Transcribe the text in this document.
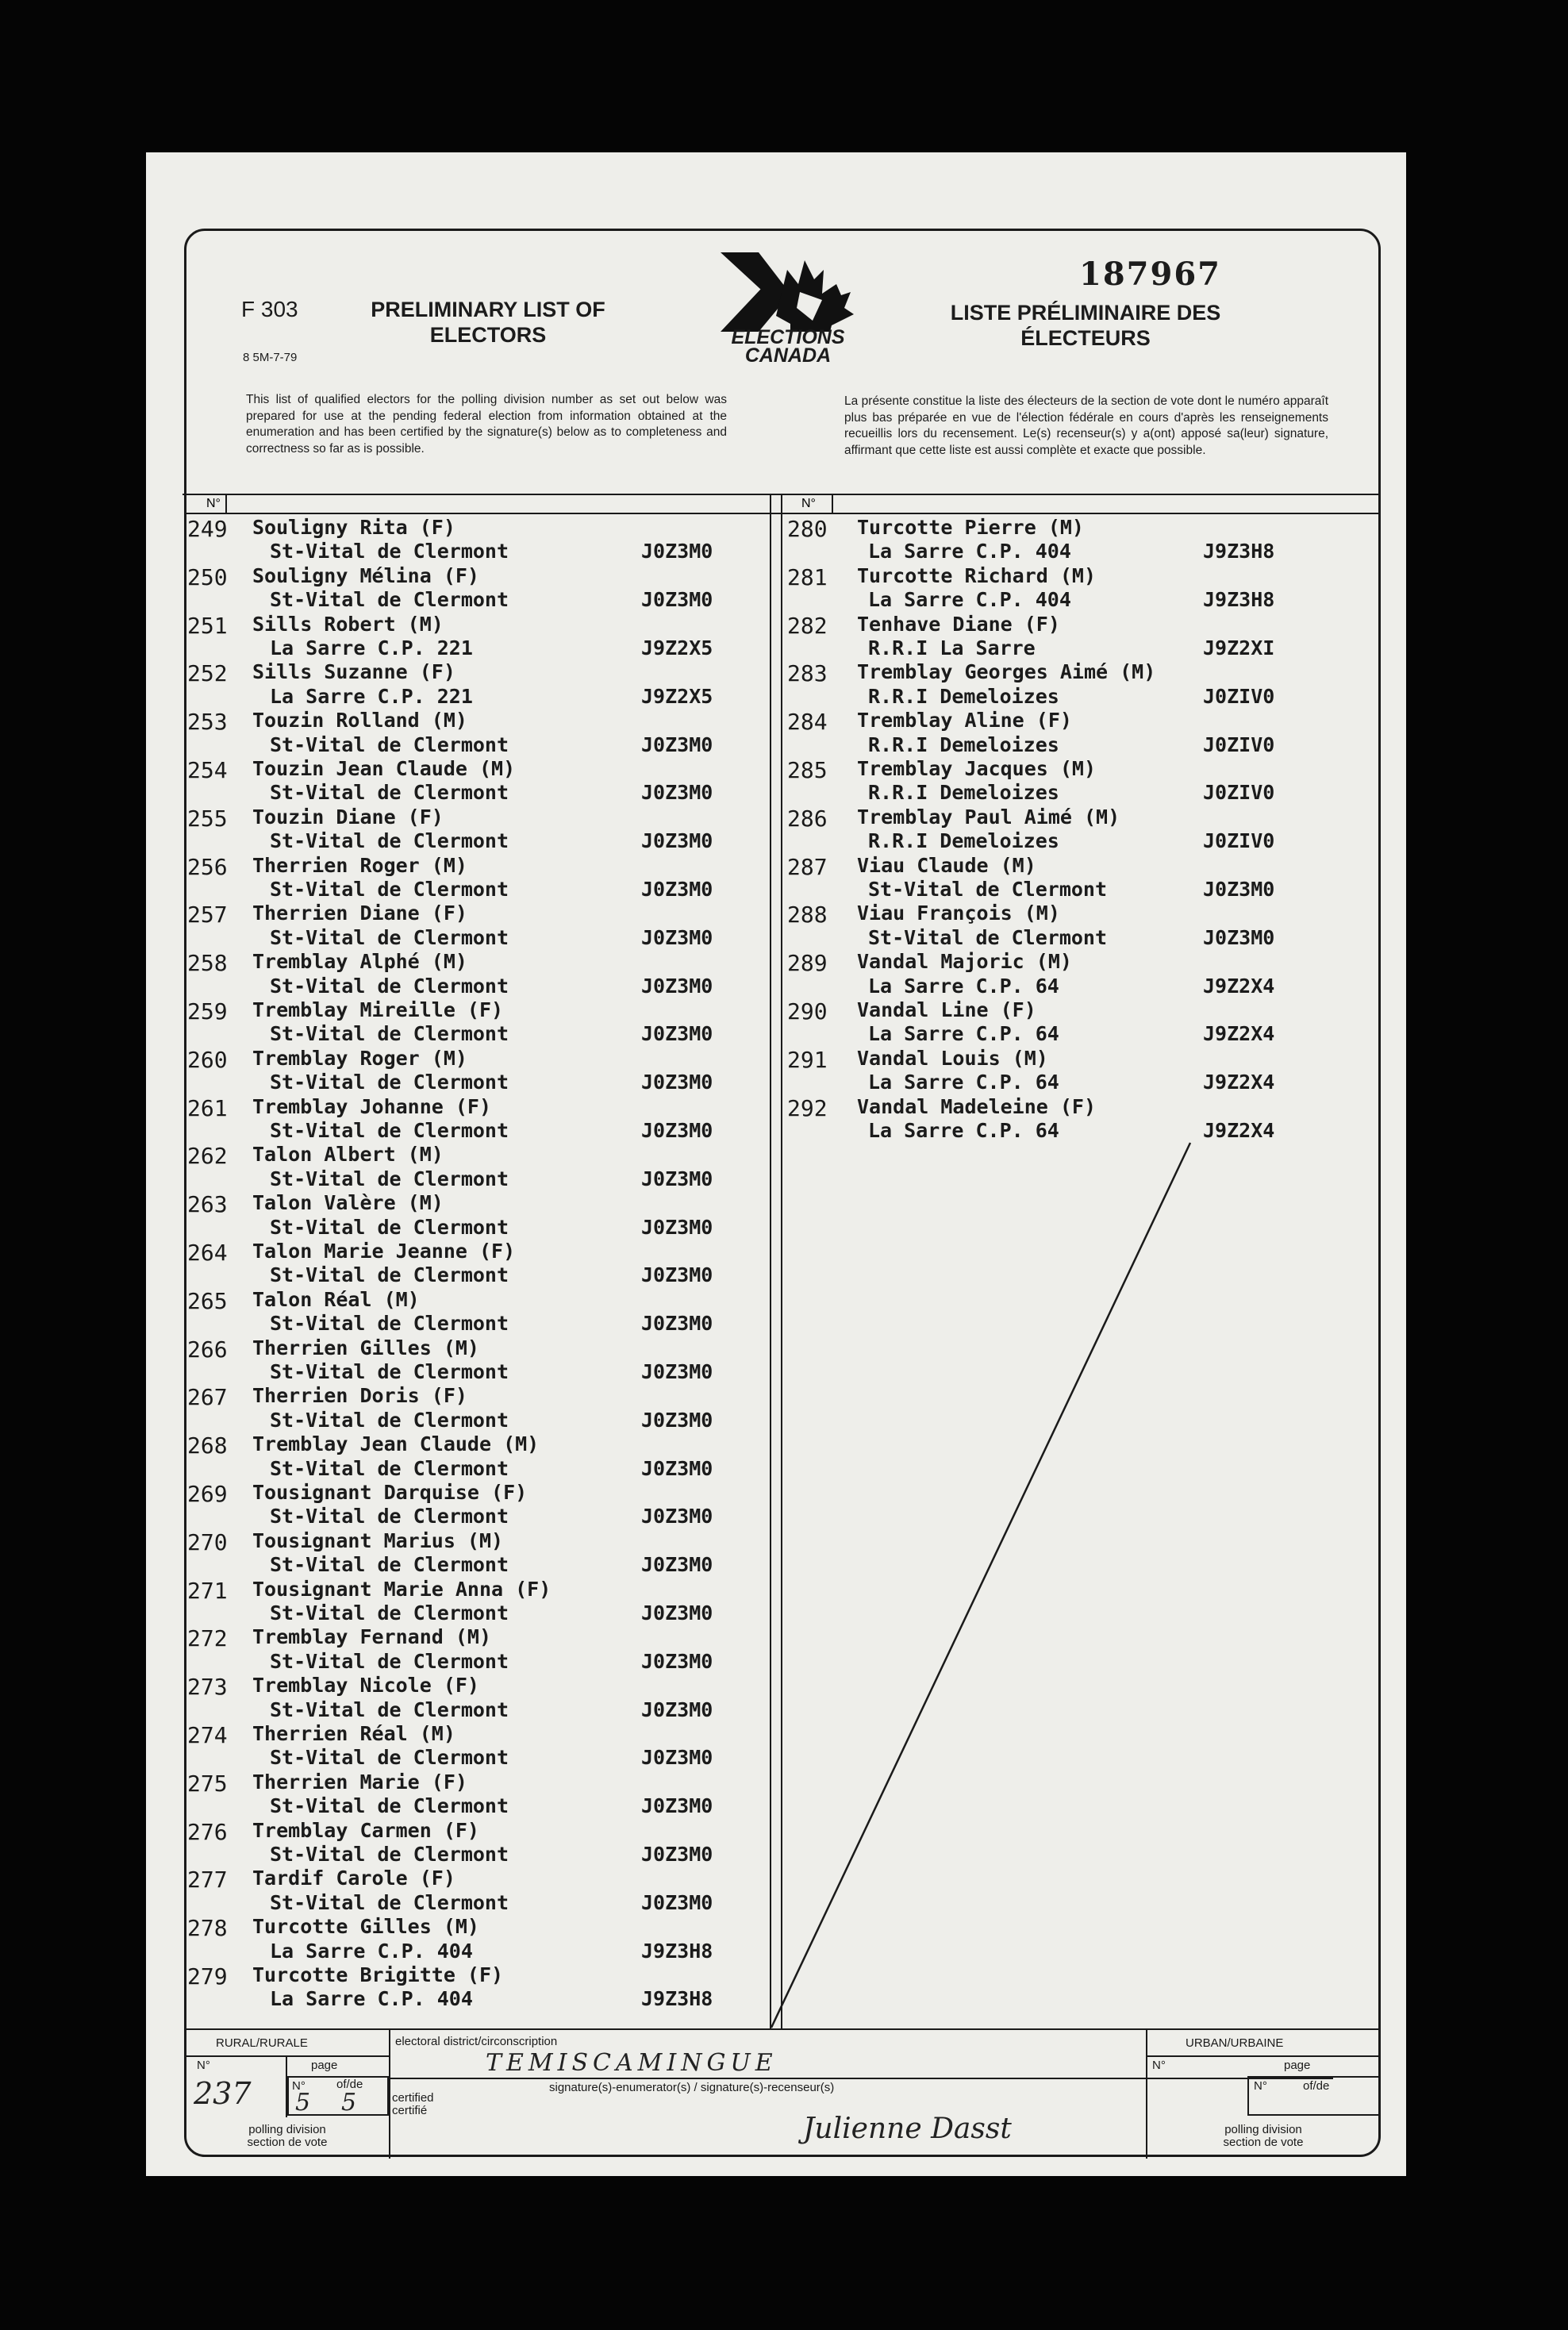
F 303
8 5M-7-79
PRELIMINARY LIST OF ELECTORS
LISTE PRÉLIMINAIRE DES ÉLECTEURS
187967
ELECTIONS
CANADA
This list of qualified electors for the polling division number as set out below was prepared for use at the pending federal election from information obtained at the enumeration and has been certified by the signature(s) below as to completeness and correctness so far as is possible.
La présente constitue la liste des électeurs de la section de vote dont le numéro apparaît plus bas préparée en vue de l'élection fédérale en cours d'après les renseignements recueillis lors du recensement. Le(s) recenseur(s) y a(ont) apposé sa(leur) signature, affirmant que cette liste est aussi complète et exacte que possible.
N°	N°
249 Souligny Rita (F)
St-Vital de Clermont	J0Z3M0
250 Souligny Mélina (F)
St-Vital de Clermont	J0Z3M0
251 Sills Robert (M)
La Sarre C.P. 221	J9Z2X5
252 Sills Suzanne (F)
La Sarre C.P. 221	J9Z2X5
253 Touzin Rolland (M)
St-Vital de Clermont	J0Z3M0
254 Touzin Jean Claude (M)
St-Vital de Clermont	J0Z3M0
255 Touzin Diane (F)
St-Vital de Clermont	J0Z3M0
256 Therrien Roger (M)
St-Vital de Clermont	J0Z3M0
257 Therrien Diane (F)
St-Vital de Clermont	J0Z3M0
258 Tremblay Alphé (M)
St-Vital de Clermont	J0Z3M0
259 Tremblay Mireille (F)
St-Vital de Clermont	J0Z3M0
260 Tremblay Roger (M)
St-Vital de Clermont	J0Z3M0
261 Tremblay Johanne (F)
St-Vital de Clermont	J0Z3M0
262 Talon Albert (M)
St-Vital de Clermont	J0Z3M0
263 Talon Valère (M)
St-Vital de Clermont	J0Z3M0
264 Talon Marie Jeanne (F)
St-Vital de Clermont	J0Z3M0
265 Talon Réal (M)
St-Vital de Clermont	J0Z3M0
266 Therrien Gilles (M)
St-Vital de Clermont	J0Z3M0
267 Therrien Doris (F)
St-Vital de Clermont	J0Z3M0
268 Tremblay Jean Claude (M)
St-Vital de Clermont	J0Z3M0
269 Tousignant Darquise (F)
St-Vital de Clermont	J0Z3M0
270 Tousignant Marius (M)
St-Vital de Clermont	J0Z3M0
271 Tousignant Marie Anna (F)
St-Vital de Clermont	J0Z3M0
272 Tremblay Fernand (M)
St-Vital de Clermont	J0Z3M0
273 Tremblay Nicole (F)
St-Vital de Clermont	J0Z3M0
274 Therrien Réal (M)
St-Vital de Clermont	J0Z3M0
275 Therrien Marie (F)
St-Vital de Clermont	J0Z3M0
276 Tremblay Carmen (F)
St-Vital de Clermont	J0Z3M0
277 Tardif Carole (F)
St-Vital de Clermont	J0Z3M0
278 Turcotte Gilles (M)
La Sarre C.P. 404	J9Z3H8
279 Turcotte Brigitte (F)
La Sarre C.P. 404	J9Z3H8
280 Turcotte Pierre (M)
La Sarre C.P. 404	J9Z3H8
281 Turcotte Richard (M)
La Sarre C.P. 404	J9Z3H8
282 Tenhave Diane (F)
R.R.I La Sarre	J9Z2XI
283 Tremblay Georges Aimé (M)
R.R.I Demeloizes	J0ZIV0
284 Tremblay Aline (F)
R.R.I Demeloizes	J0ZIV0
285 Tremblay Jacques (M)
R.R.I Demeloizes	J0ZIV0
286 Tremblay Paul Aimé (M)
R.R.I Demeloizes	J0ZIV0
287 Viau Claude (M)
St-Vital de Clermont	J0Z3M0
288 Viau François (M)
St-Vital de Clermont	J0Z3M0
289 Vandal Majoric (M)
La Sarre C.P. 64	J9Z2X4
290 Vandal Line (F)
La Sarre C.P. 64	J9Z2X4
291 Vandal Louis (M)
La Sarre C.P. 64	J9Z2X4
292 Vandal Madeleine (F)
La Sarre C.P. 64	J9Z2X4
RURAL/RURALE
N°	page
237	N°	of/de
5 5
polling division
section de vote
electoral district/circonscription
TEMISCAMINGUE
certified
certifié
signature(s)-enumerator(s) / signature(s)-recenseur(s)
Julienne Dasst
URBAN/URBAINE
N°	page
N°	of/de
polling division
section de vote
